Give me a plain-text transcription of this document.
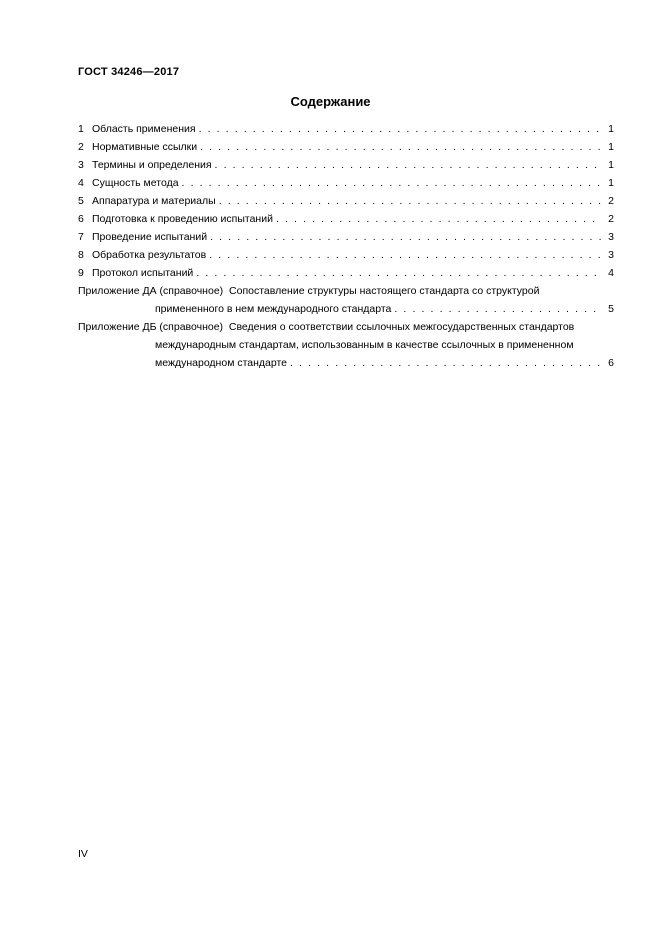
ГОСТ 34246—2017
Содержание
1 Область применения . . .	1
2 Нормативные ссылки . . .	1
3 Термины и определения . . .	1
4 Сущность метода . . .	1
5 Аппаратура и материалы . . .	2
6 Подготовка к проведению испытаний . . .	2
7 Проведение испытаний . . .	3
8 Обработка результатов . . .	3
9 Протокол испытаний . . .	4
Приложение ДА (справочное) Сопоставление структуры настоящего стандарта со структурой
примененного в нем международного стандарта . . .	5
Приложение ДБ (справочное) Сведения о соответствии ссылочных межгосударственных стандартов
международным стандартам, использованным в качестве ссылочных в примененном
международном стандарте . . .	6
IV
